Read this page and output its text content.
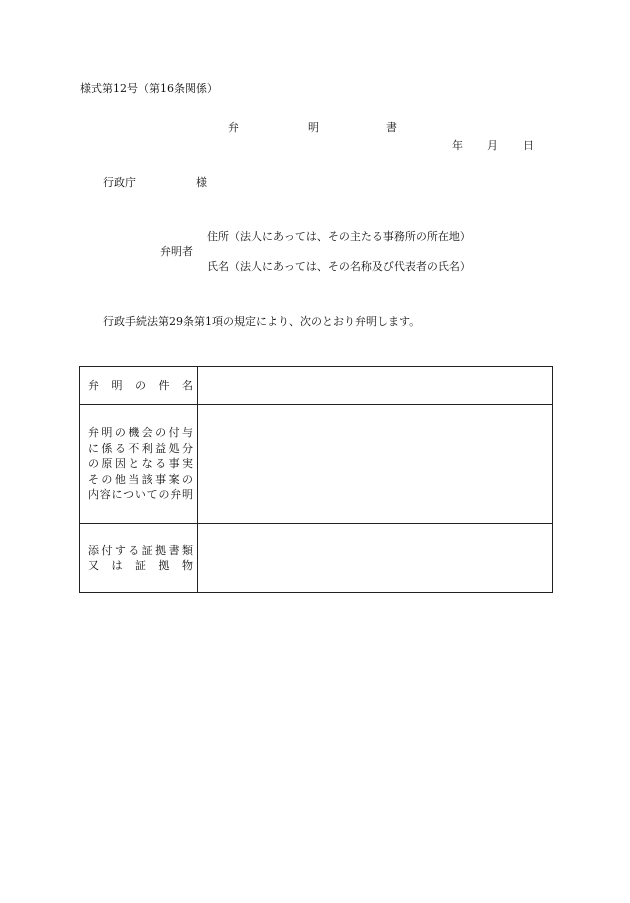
様式第12号（第16条関係）
弁	明	書
年 月 日
行政庁	様
住所（法人にあっては、その主たる事務所の所在地）
弁明者
氏名（法人にあっては、その名称及び代表者の氏名）
行政手続法第29条第1項の規定により、次のとおり弁明します。
弁 明 の 件 名	

弁明の機会の付与
に係る不利益処分
の原因となる事実
その他当該事案の
内容についての弁明	

添付する証拠書類
又 は 証 拠 物	
